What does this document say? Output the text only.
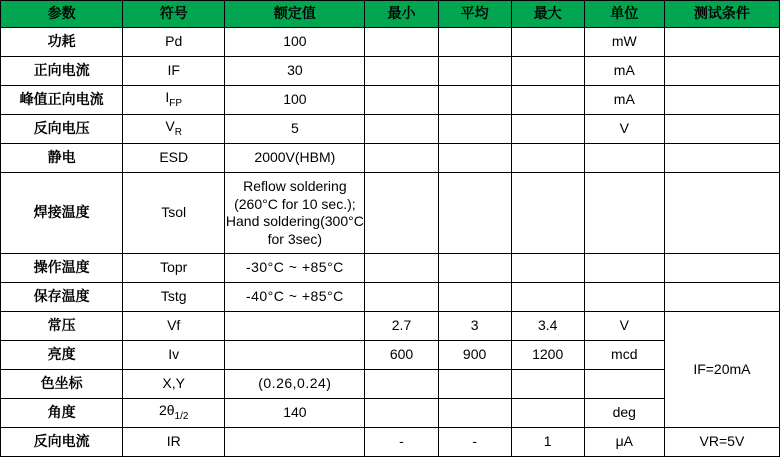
参数	符号	额定值	最小	平均	最大	单位	测试条件
功耗	Pd	100				mW	
正向电流	IF	30				mA	
峰值正向电流	$I_{FP}$	100				mA	
反向电压	$V_R$	5				V	
静电	ESD	2000V(HBM)					
焊接温度	Tsol	Reflow soldering
(260°C for 10 sec.);
Hand soldering(300°C
for 3sec)					

操作温度	Topr	-30°C ~ +85°C					
保存温度	Tstg	-40°C ~ +85°C					
常压	Vf		2.7	3	3.4	V	IF=20mA
亮度	Iv		600	900	1200	mcd	
色坐标	X,Y	(0.26,0.24)					
角度	$2\theta_{1/2}$	140				deg	
反向电流	IR		-	-	1	μA	VR=5V
